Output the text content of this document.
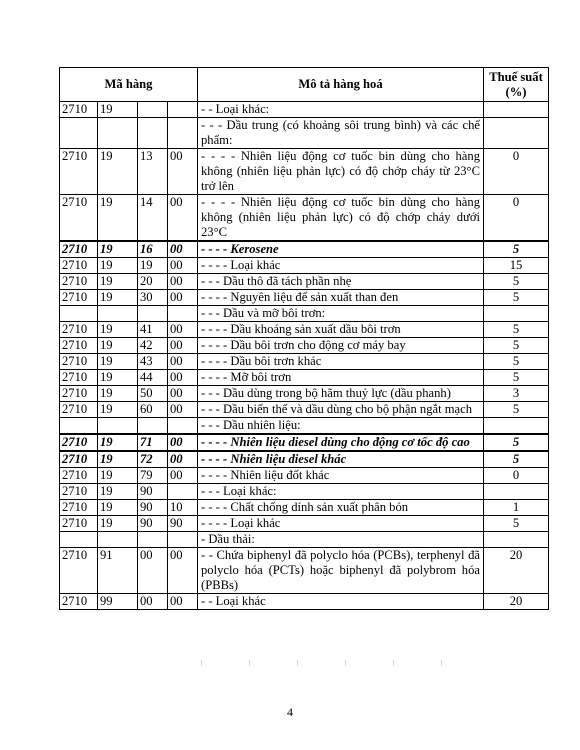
Mã hàng				Mô tả hàng hoá	Thuế suất (%)
2710	19			- - Loại khác:	
				- - - Dầu trung (có khoảng sôi trung bình) và các chế phẩm:	
2710	19	13	00	- - - - Nhiên liệu động cơ tuốc bin dùng cho hàng không (nhiên liệu phản lực) có độ chớp cháy từ 23°C trở lên	0
2710	19	14	00	- - - - Nhiên liệu động cơ tuốc bin dùng cho hàng không (nhiên liệu phản lực) có độ chớp cháy dưới 23°C	0
2710	19	16	00	- - - - Kerosene	5
2710	19	19	00	- - - - Loại khác	15
2710	19	20	00	- - - Dầu thô đã tách phần nhẹ	5
2710	19	30	00	- - - - Nguyên liệu để sản xuất than đen	5
				- - - Dầu và mỡ bôi trơn:	
2710	19	41	00	- - - - Dầu khoáng sản xuất dầu bôi trơn	5
2710	19	42	00	- - - - Dầu bôi trơn cho động cơ máy bay	5
2710	19	43	00	- - - - Dầu bôi trơn khác	5
2710	19	44	00	- - - - Mỡ bôi trơn	5
2710	19	50	00	- - - Dầu dùng trong bộ hãm thuỷ lực (dầu phanh)	3
2710	19	60	00	- - - Dầu biến thế và dầu dùng cho bộ phận ngắt mạch	5
				- - - Dầu nhiên liệu:	
2710	19	71	00	- - - - Nhiên liệu diesel dùng cho động cơ tốc độ cao	5
2710	19	72	00	- - - - Nhiên liệu diesel khác	5
2710	19	79	00	- - - - Nhiên liệu đốt khác	0
2710	19	90		- - - Loại khác:	
2710	19	90	10	- - - - Chất chống dính sản xuất phân bón	1
2710	19	90	90	- - - - Loại khác	5
				- Dầu thải:	
2710	91	00	00	- - Chứa biphenyl đã polyclo hóa (PCBs), terphenyl đã polyclo hóa (PCTs) hoặc biphenyl đã polybrom hóa (PBBs)	20
2710	99	00	00	- - Loại khác	20
4
